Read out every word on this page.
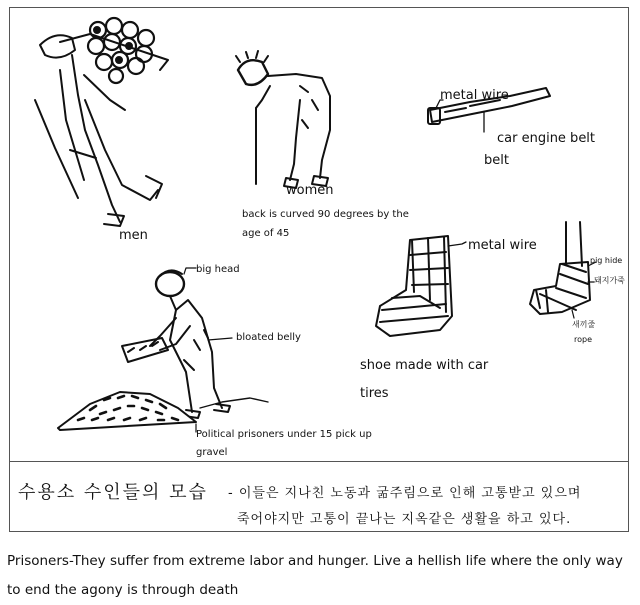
men
women
back is curved 90 degrees by the age of 45
metal wire
car engine belt
belt
metal wire
pig hide
돼지가죽
새끼줄
rope
big head
bloated belly
shoe made with car tires
Political prisoners under 15 pick up gravel
수용소 수인들의 모습 - 이들은 지나친 노동과 굶주림으로 인해 고통받고 있으며
죽어야지만 고통이 끝나는 지옥같은 생활을 하고 있다.
Prisoners-They suffer from extreme labor and hunger. Live a hellish life where the only way to end the agony is through death
